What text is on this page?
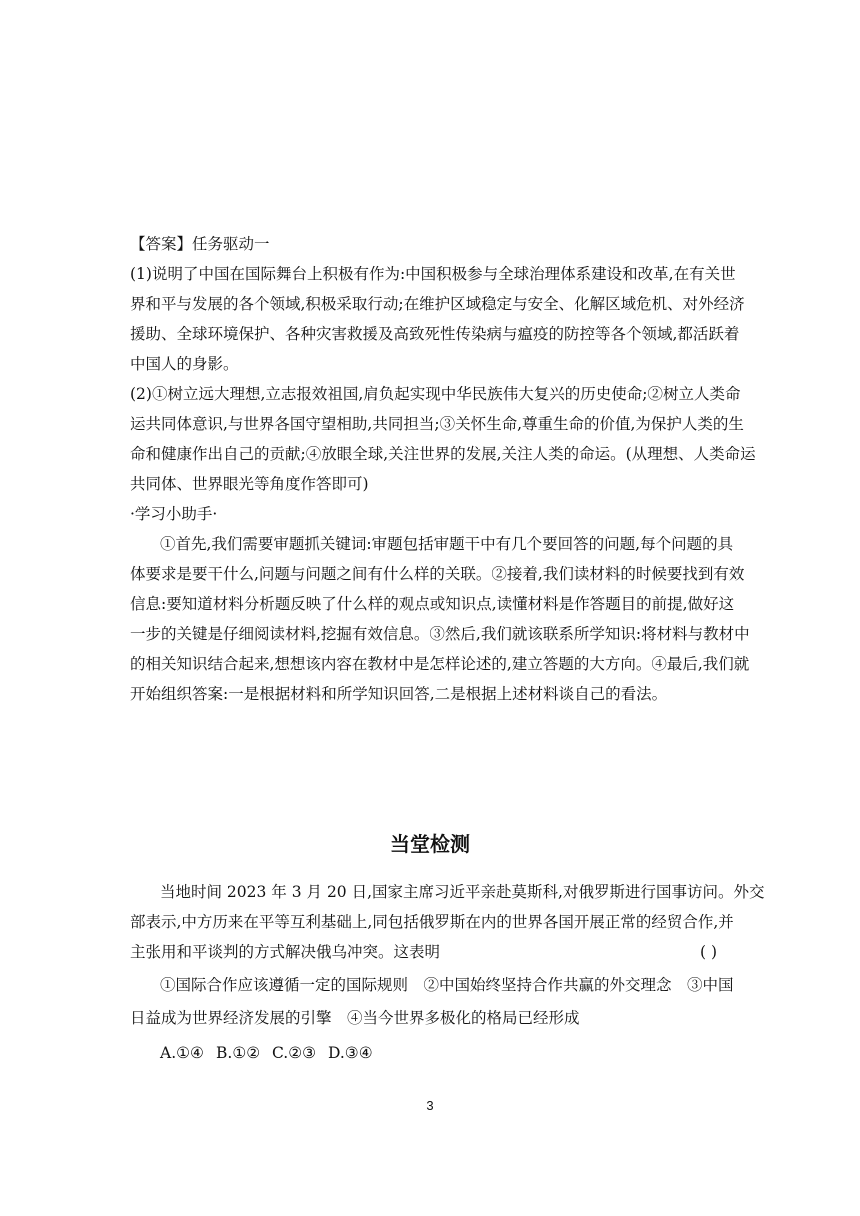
【答案】任务驱动一
(1)说明了中国在国际舞台上积极有作为:中国积极参与全球治理体系建设和改革,在有关世
界和平与发展的各个领域,积极采取行动;在维护区域稳定与安全、化解区域危机、对外经济
援助、全球环境保护、各种灾害救援及高致死性传染病与瘟疫的防控等各个领域,都活跃着
中国人的身影。
(2)①树立远大理想,立志报效祖国,肩负起实现中华民族伟大复兴的历史使命;②树立人类命
运共同体意识,与世界各国守望相助,共同担当;③关怀生命,尊重生命的价值,为保护人类的生
命和健康作出自己的贡献;④放眼全球,关注世界的发展,关注人类的命运。(从理想、人类命运
共同体、世界眼光等角度作答即可)
·学习小助手·
①首先,我们需要审题抓关键词:审题包括审题干中有几个要回答的问题,每个问题的具
体要求是要干什么,问题与问题之间有什么样的关联。②接着,我们读材料的时候要找到有效
信息:要知道材料分析题反映了什么样的观点或知识点,读懂材料是作答题目的前提,做好这
一步的关键是仔细阅读材料,挖掘有效信息。③然后,我们就该联系所学知识:将材料与教材中
的相关知识结合起来,想想该内容在教材中是怎样论述的,建立答题的大方向。④最后,我们就
开始组织答案:一是根据材料和所学知识回答,二是根据上述材料谈自己的看法。
当堂检测
当地时间 2023 年 3 月 20 日,国家主席习近平亲赴莫斯科,对俄罗斯进行国事访问。外交
部表示,中方历来在平等互利基础上,同包括俄罗斯在内的世界各国开展正常的经贸合作,并
主张用和平谈判的方式解决俄乌冲突。这表明	( )
①国际合作应该遵循一定的国际规则　②中国始终坚持合作共赢的外交理念　③中国
日益成为世界经济发展的引擎　④当今世界多极化的格局已经形成
A.①④ B.①② C.②③ D.③④
3
